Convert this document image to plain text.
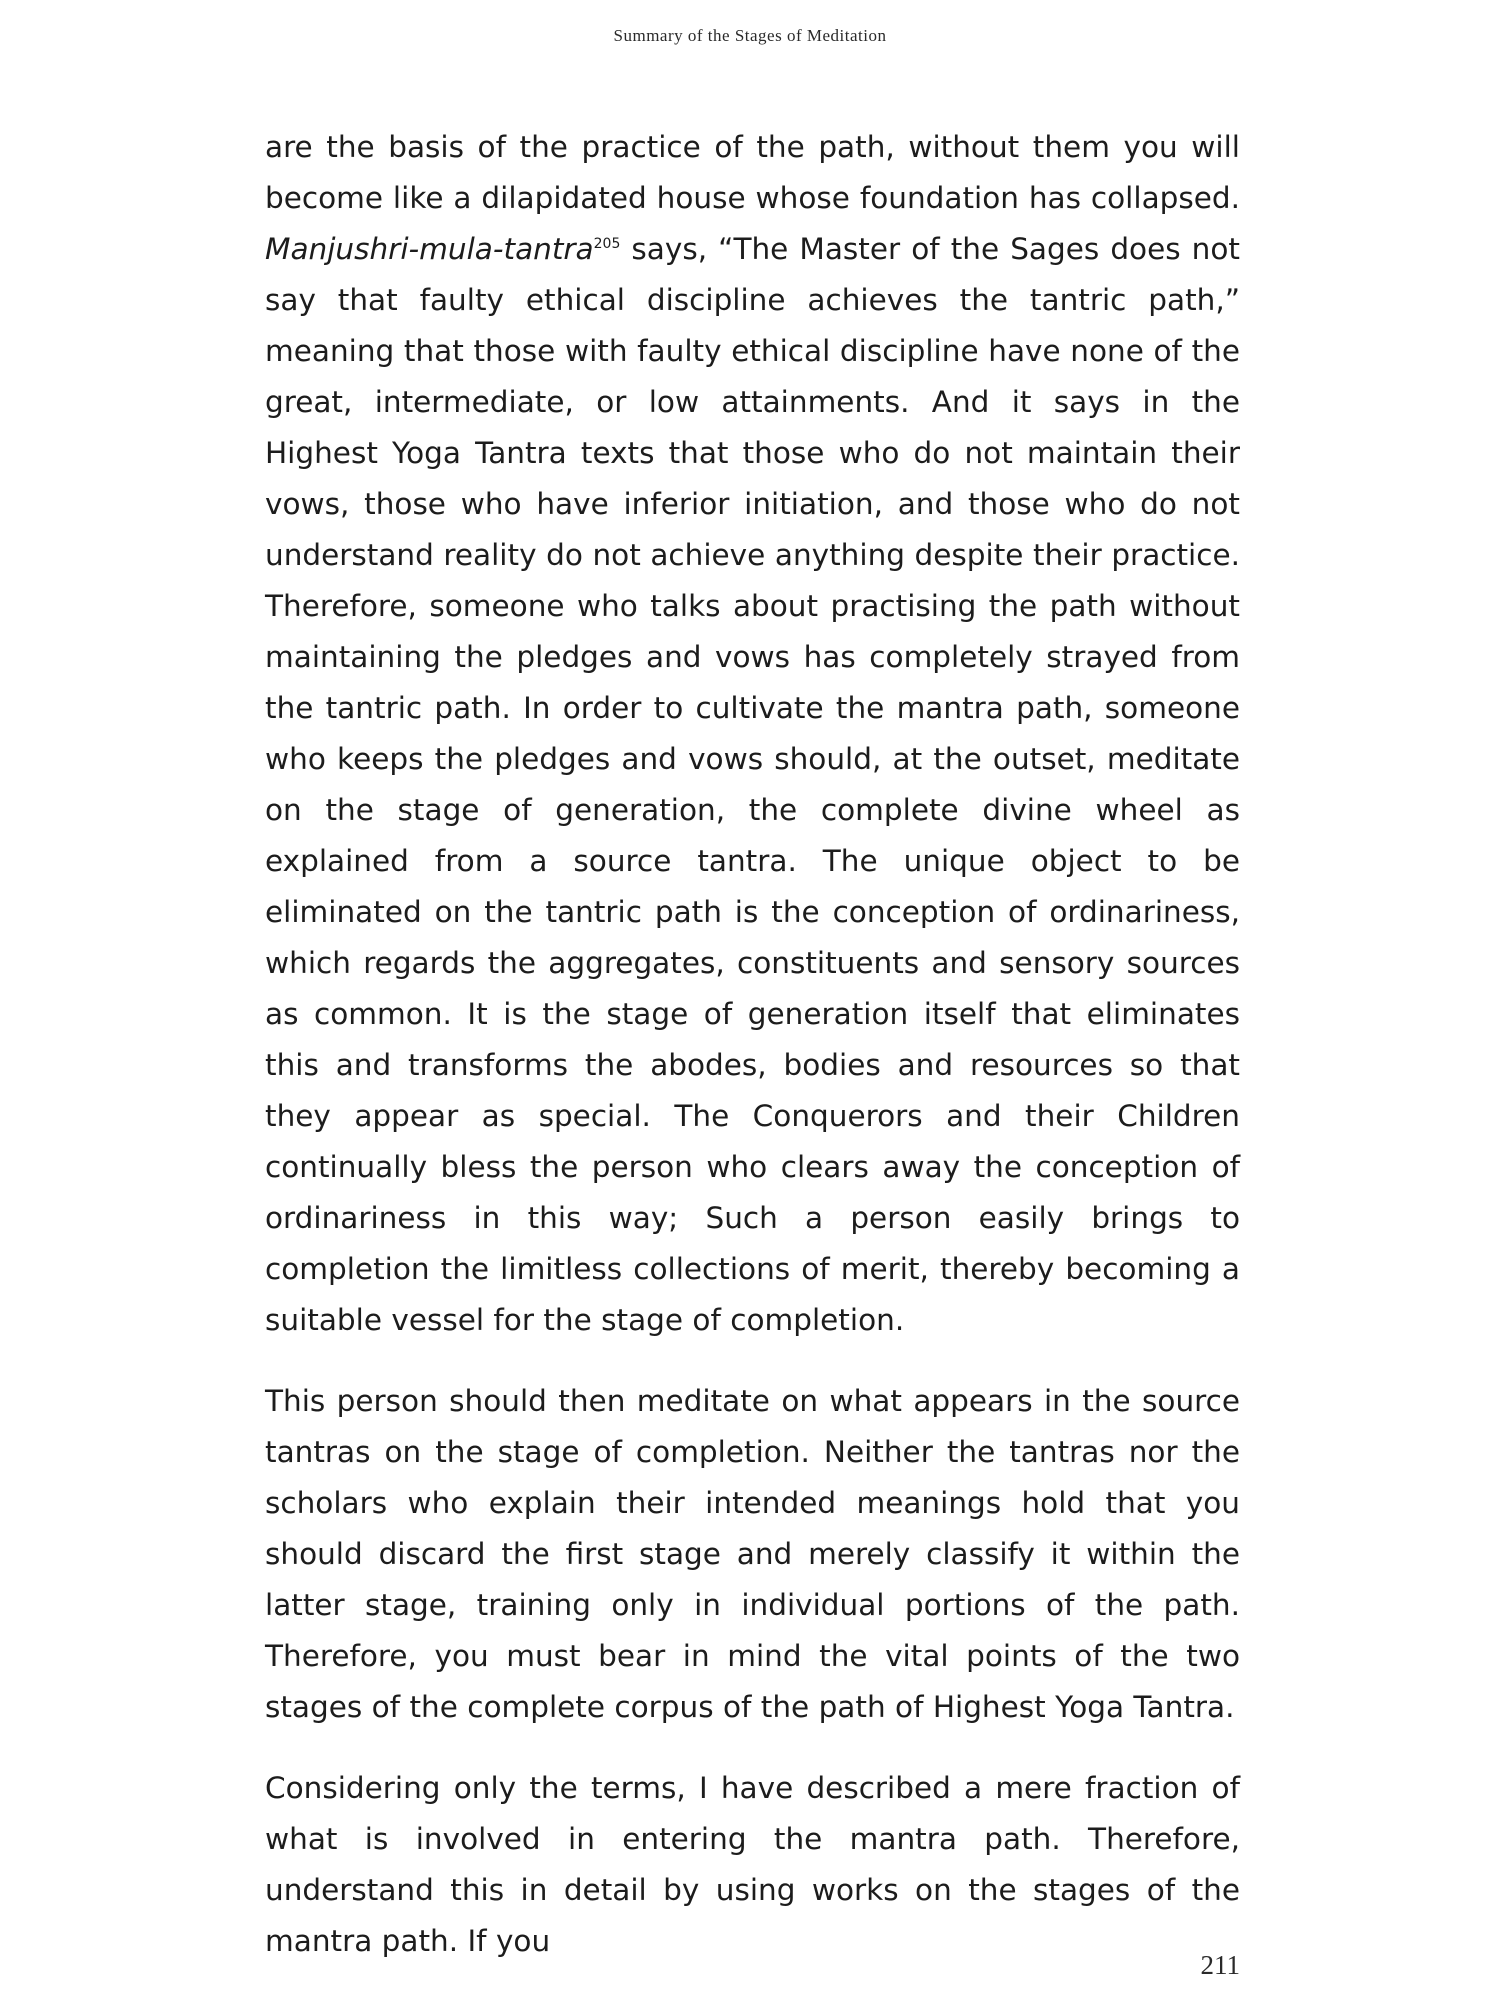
Summary of the Stages of Meditation

are the basis of the practice of the path, without them you will become like a dilapidated house whose foundation has collapsed. Manjushri-mula-tantra$^{205}$ says, “The Master of the Sages does not say that faulty ethical discipline achieves the tantric path,” meaning that those with faulty ethical discipline have none of the great, intermediate, or low attainments. And it says in the Highest Yoga Tantra texts that those who do not maintain their vows, those who have inferior initiation, and those who do not understand reality do not achieve anything despite their practice. Therefore, someone who talks about practising the path without maintaining the pledges and vows has completely strayed from the tantric path. In order to cultivate the mantra path, someone who keeps the pledges and vows should, at the outset, meditate on the stage of generation, the complete divine wheel as explained from a source tantra. The unique object to be eliminated on the tantric path is the conception of ordinariness, which regards the aggregates, constituents and sensory sources as common. It is the stage of generation itself that eliminates this and transforms the abodes, bodies and resources so that they appear as special. The Conquerors and their Children continually bless the person who clears away the conception of ordinariness in this way; Such a person easily brings to completion the limitless collections of merit, thereby becoming a suitable vessel for the stage of completion.

This person should then meditate on what appears in the source tantras on the stage of completion. Neither the tantras nor the scholars who explain their intended meanings hold that you should discard the first stage and merely classify it within the latter stage, training only in individual portions of the path. Therefore, you must bear in mind the vital points of the two stages of the complete corpus of the path of Highest Yoga Tantra.

Considering only the terms, I have described a mere fraction of what is involved in entering the mantra path. Therefore, understand this in detail by using works on the stages of the mantra path. If you

211
